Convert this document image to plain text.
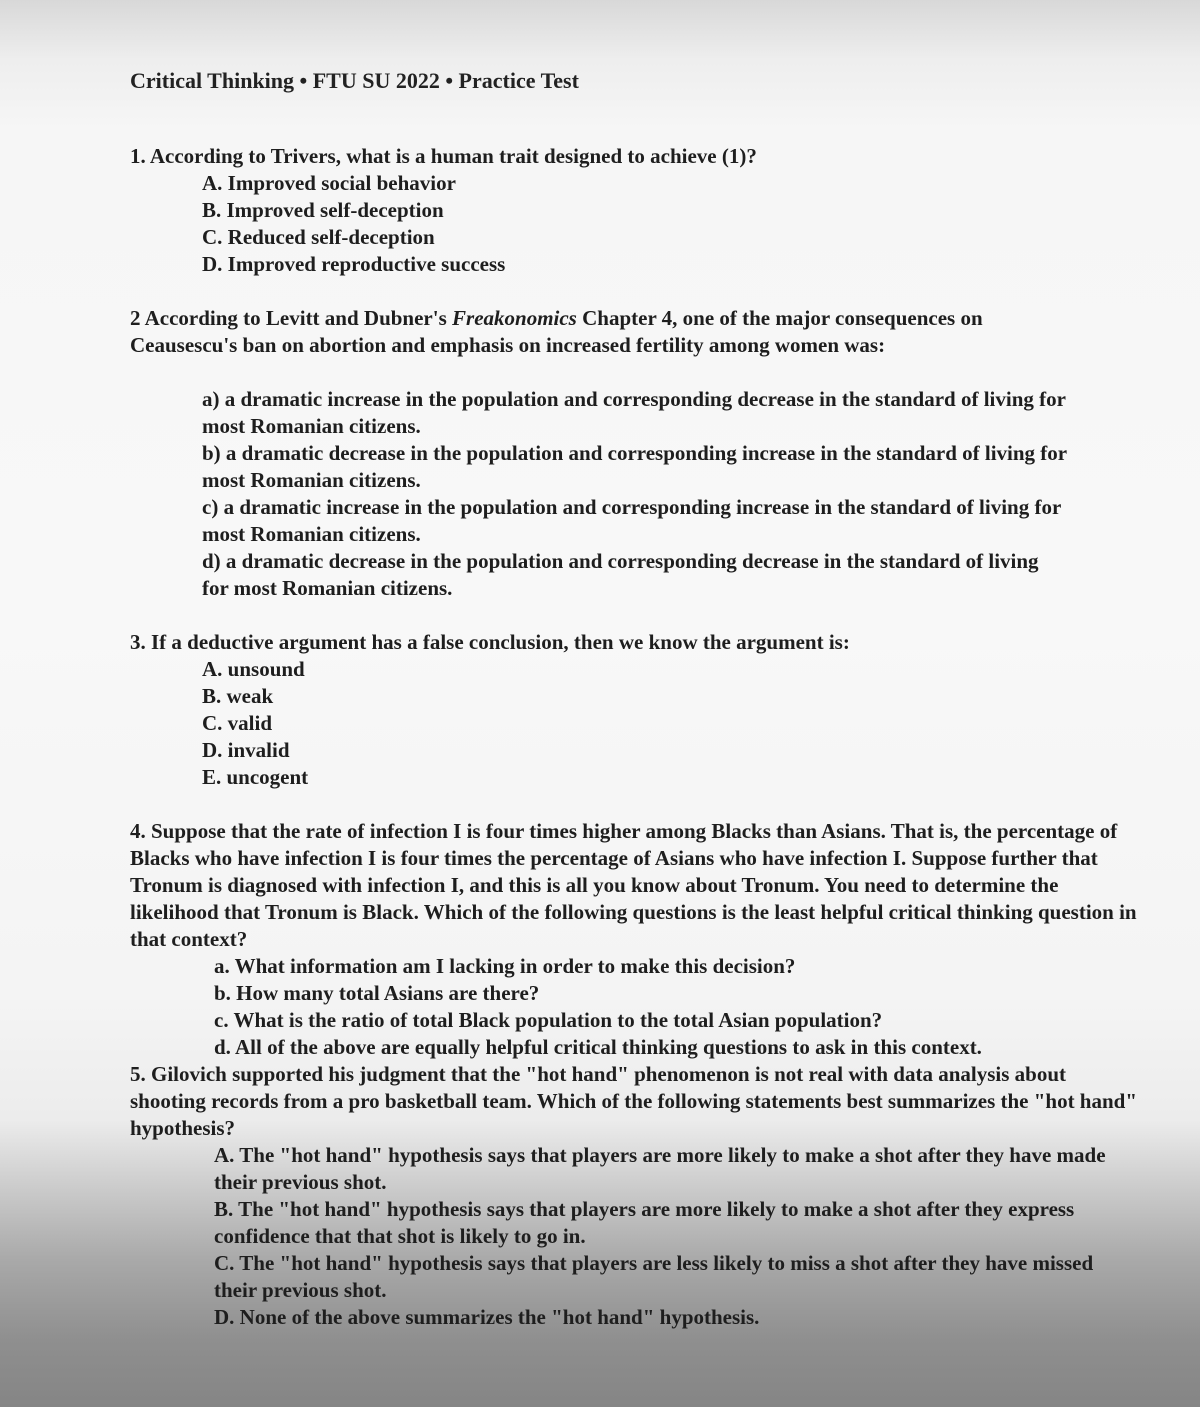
Critical Thinking • FTU SU 2022 • Practice Test

1. According to Trivers, what is a human trait designed to achieve (1)?

A. Improved social behavior
B. Improved self-deception
C. Reduced self-deception
D. Improved reproductive success

2 According to Levitt and Dubner's Freakonomics Chapter 4, one of the major consequences on Ceausescu's ban on abortion and emphasis on increased fertility among women was:

a) a dramatic increase in the population and corresponding decrease in the standard of living for most Romanian citizens.
b) a dramatic decrease in the population and corresponding increase in the standard of living for most Romanian citizens.
c) a dramatic increase in the population and corresponding increase in the standard of living for most Romanian citizens.
d) a dramatic decrease in the population and corresponding decrease in the standard of living for most Romanian citizens.

3. If a deductive argument has a false conclusion, then we know the argument is:

A. unsound
B. weak
C. valid
D. invalid
E. uncogent

4. Suppose that the rate of infection I is four times higher among Blacks than Asians. That is, the percentage of Blacks who have infection I is four times the percentage of Asians who have infection I. Suppose further that Tronum is diagnosed with infection I, and this is all you know about Tronum. You need to determine the likelihood that Tronum is Black. Which of the following questions is the least helpful critical thinking question in that context?

a. What information am I lacking in order to make this decision?
b. How many total Asians are there?
c. What is the ratio of total Black population to the total Asian population?
d. All of the above are equally helpful critical thinking questions to ask in this context.

5. Gilovich supported his judgment that the "hot hand" phenomenon is not real with data analysis about shooting records from a pro basketball team. Which of the following statements best summarizes the "hot hand" hypothesis?

A. The "hot hand" hypothesis says that players are more likely to make a shot after they have made their previous shot.
B. The "hot hand" hypothesis says that players are more likely to make a shot after they express confidence that that shot is likely to go in.
C. The "hot hand" hypothesis says that players are less likely to miss a shot after they have missed their previous shot.
D. None of the above summarizes the "hot hand" hypothesis.
